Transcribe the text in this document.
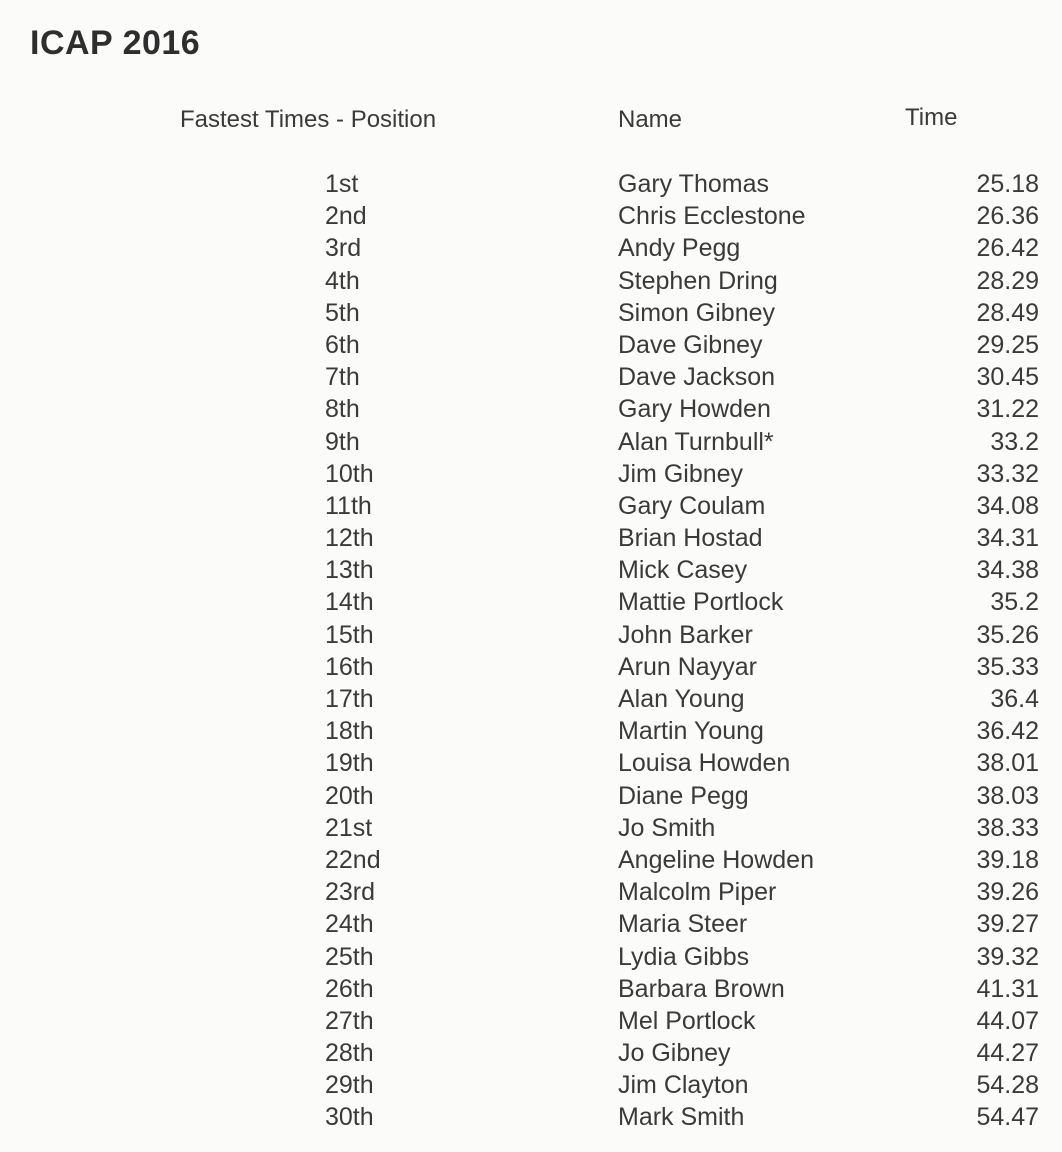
ICAP 2016
Fastest Times - Position	Name	Time
1st	Gary Thomas	25.18
2nd	Chris Ecclestone	26.36
3rd	Andy Pegg	26.42
4th	Stephen Dring	28.29
5th	Simon Gibney	28.49
6th	Dave Gibney	29.25
7th	Dave Jackson	30.45
8th	Gary Howden	31.22
9th	Alan Turnbull*	33.2
10th	Jim Gibney	33.32
11th	Gary Coulam	34.08
12th	Brian Hostad	34.31
13th	Mick Casey	34.38
14th	Mattie Portlock	35.2
15th	John Barker	35.26
16th	Arun Nayyar	35.33
17th	Alan Young	36.4
18th	Martin Young	36.42
19th	Louisa Howden	38.01
20th	Diane Pegg	38.03
21st	Jo Smith	38.33
22nd	Angeline Howden	39.18
23rd	Malcolm Piper	39.26
24th	Maria Steer	39.27
25th	Lydia Gibbs	39.32
26th	Barbara Brown	41.31
27th	Mel Portlock	44.07
28th	Jo Gibney	44.27
29th	Jim Clayton	54.28
30th	Mark Smith	54.47
